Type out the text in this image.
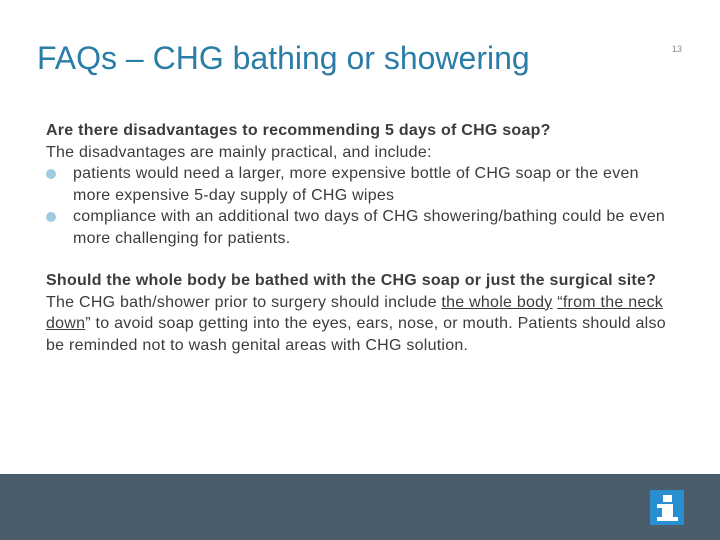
FAQs – CHG bathing or showering	13
Are there disadvantages to recommending 5 days of CHG soap?
The disadvantages are mainly practical, and include:
patients would need a larger, more expensive bottle of CHG soap or the even more expensive 5-day supply of CHG wipes
compliance with an additional two days of CHG showering/bathing could be even more challenging for patients.
Should the whole body be bathed with the CHG soap or just the surgical site?
The CHG bath/shower prior to surgery should include the whole body “from the neck down” to avoid soap getting into the eyes, ears, nose, or mouth. Patients should also be reminded not to wash genital areas with CHG solution.
